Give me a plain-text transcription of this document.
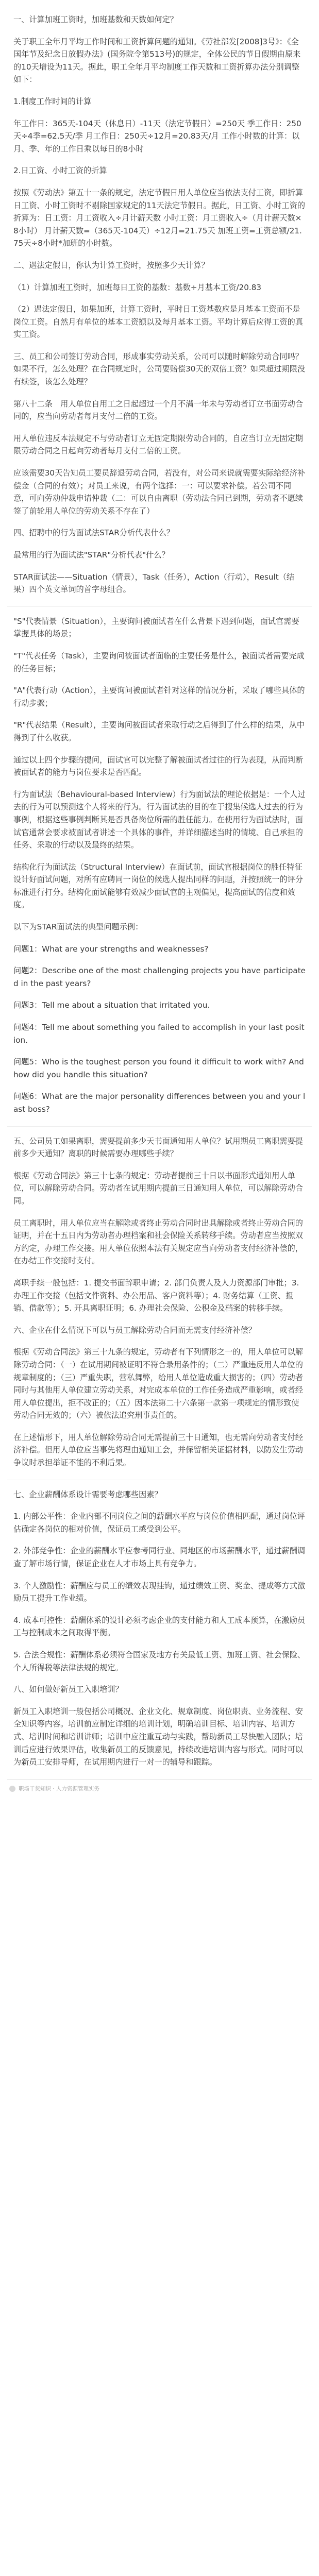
一、计算加班工资时，加班基数和天数如何定？

关于职工全年月平均工作时间和工资折算问题的通知。《劳社部发[2008]3号》：《全国年节及纪念日放假办法》(国务院令第513号)的规定，全体公民的节日假期由原来的10天增设为11天。据此，职工全年月平均制度工作天数和工资折算办法分别调整如下：

1.制度工作时间的计算

年工作日：365天-104天（休息日）-11天（法定节假日）=250天 季工作日：250天÷4季=62.5天/季 月工作日：250天÷12月=20.83天/月 工作小时数的计算：以月、季、年的工作日乘以每日的8小时

2.日工资、小时工资的折算

按照《劳动法》第五十一条的规定，法定节假日用人单位应当依法支付工资，即折算日工资、小时工资时不剔除国家规定的11天法定节假日。据此，日工资、小时工资的折算为：日工资：月工资收入÷月计薪天数 小时工资：月工资收入÷（月计薪天数×8小时） 月计薪天数=（365天-104天）÷12月=21.75天 加班工资=工资总额/21.75天÷8小时*加班的小时数。

二、遇法定假日，你认为计算工资时，按照多少天计算？

（1）计算加班工资时，加班每日工资的基数：基数÷月基本工资/20.83

（2）遇法定假日，如果加班，计算工资时，平时日工资基数应是月基本工资而不是岗位工资。自然月有单位的基本工资额以及每月基本工资。平均计算后应得工资的真实工资。

三、员工和公司签订劳动合同，形成事实劳动关系，公司可以随时解除劳动合同吗？如果不行，怎么处理？在合同规定时，公司要赔偿30天的双倍工资？如果超过期限没有续签，该怎么处理？

第八十二条　用人单位自用工之日起超过一个月不满一年未与劳动者订立书面劳动合同的，应当向劳动者每月支付二倍的工资。

用人单位违反本法规定不与劳动者订立无固定期限劳动合同的，自应当订立无固定期限劳动合同之日起向劳动者每月支付二倍的工资。

应该需要30天告知员工要员辞退劳动合同，若没有，对公司来说就需要实际给经济补偿金（合同的有效）；对员工来说，有两个选择：一：可以要求补偿。若公司不同意，可向劳动仲裁申请仲裁（二：可以自由离职（劳动法合同已到期，劳动者不愿续签了前轮用人单位的劳动关系不存在了）

四、招聘中的行为面试法STAR分析代表什么？

最常用的行为面试法"STAR"分析代表"什么？

STAR面试法——Situation（情景），Task（任务），Action（行动），Result（结果）四个英文单词的首字母组合。

"S"代表情景（Situation），主要询问被面试者在什么背景下遇到问题，面试官需要掌握具体的场景；

"T"代表任务（Task），主要询问被面试者面临的主要任务是什么，被面试者需要完成的任务目标；

"A"代表行动（Action），主要询问被面试者针对这样的情况分析，采取了哪些具体的行动步骤；

"R"代表结果（Result），主要询问被面试者采取行动之后得到了什么样的结果，从中得到了什么收获。

通过以上四个步骤的提问，面试官可以完整了解被面试者过往的行为表现，从而判断被面试者的能力与岗位要求是否匹配。

行为面试法（Behavioural-based Interview）行为面试法的理论依据是：一个人过去的行为可以预测这个人将来的行为。行为面试法的目的在于搜集候选人过去的行为事例，根据这些事例判断其是否具备岗位所需的胜任能力。在使用行为面试法时，面试官通常会要求被面试者讲述一个具体的事件，并详细描述当时的情境、自己承担的任务、采取的行动以及最终的结果。

结构化行为面试法（Structural Interview）在面试前，面试官根据岗位的胜任特征设计好面试问题，对所有应聘同一岗位的候选人提出同样的问题，并按照统一的评分标准进行打分。结构化面试能够有效减少面试官的主观偏见，提高面试的信度和效度。

以下为STAR面试法的典型问题示例：

问题1：What are your strengths and weaknesses?

问题2：Describe one of the most challenging projects you have participated in the past years?

问题3：Tell me about a situation that irritated you.

问题4：Tell me about something you failed to accomplish in your last position.

问题5：Who is the toughest person you found it difficult to work with? And how did you handle this situation?

问题6：What are the major personality differences between you and your last boss?

五、公司员工如果离职，需要提前多少天书面通知用人单位？试用期员工离职需要提前多少天通知？离职的时候需要办理哪些手续？

根据《劳动合同法》第三十七条的规定：劳动者提前三十日以书面形式通知用人单位，可以解除劳动合同。劳动者在试用期内提前三日通知用人单位，可以解除劳动合同。

员工离职时，用人单位应当在解除或者终止劳动合同时出具解除或者终止劳动合同的证明，并在十五日内为劳动者办理档案和社会保险关系转移手续。劳动者应当按照双方约定，办理工作交接。用人单位依照本法有关规定应当向劳动者支付经济补偿的，在办结工作交接时支付。

离职手续一般包括：1. 提交书面辞职申请；2. 部门负责人及人力资源部门审批；3. 办理工作交接（包括文件资料、办公用品、客户资料等）；4. 财务结算（工资、报销、借款等）；5. 开具离职证明；6. 办理社会保险、公积金及档案的转移手续。

六、企业在什么情况下可以与员工解除劳动合同而无需支付经济补偿？

根据《劳动合同法》第三十九条的规定，劳动者有下列情形之一的，用人单位可以解除劳动合同：（一）在试用期间被证明不符合录用条件的；（二）严重违反用人单位的规章制度的；（三）严重失职，营私舞弊，给用人单位造成重大损害的；（四）劳动者同时与其他用人单位建立劳动关系，对完成本单位的工作任务造成严重影响，或者经用人单位提出，拒不改正的；（五）因本法第二十六条第一款第一项规定的情形致使劳动合同无效的；（六）被依法追究刑事责任的。

在上述情形下，用人单位解除劳动合同无需提前三十日通知，也无需向劳动者支付经济补偿。但用人单位应当事先将理由通知工会，并保留相关证据材料，以防发生劳动争议时承担举证不能的不利后果。

七、企业薪酬体系设计需要考虑哪些因素？

1. 内部公平性：企业内部不同岗位之间的薪酬水平应与岗位价值相匹配，通过岗位评估确定各岗位的相对价值，保证员工感受到公平。

2. 外部竞争性：企业的薪酬水平应参考同行业、同地区的市场薪酬水平，通过薪酬调查了解市场行情，保证企业在人才市场上具有竞争力。

3. 个人激励性：薪酬应与员工的绩效表现挂钩，通过绩效工资、奖金、提成等方式激励员工提升工作业绩。

4. 成本可控性：薪酬体系的设计必须考虑企业的支付能力和人工成本预算，在激励员工与控制成本之间取得平衡。

5. 合法合规性：薪酬体系必须符合国家及地方有关最低工资、加班工资、社会保险、个人所得税等法律法规的规定。

八、如何做好新员工入职培训？

新员工入职培训一般包括公司概况、企业文化、规章制度、岗位职责、业务流程、安全知识等内容。培训前应制定详细的培训计划，明确培训目标、培训内容、培训方式、培训时间和培训讲师；培训中应注重互动与实践，帮助新员工尽快融入团队；培训后应进行效果评估，收集新员工的反馈意见，持续改进培训内容与形式。同时可以为新员工安排导师，在试用期内进行一对一的辅导和跟踪。

职场干货知识 · 人力资源管理实务
